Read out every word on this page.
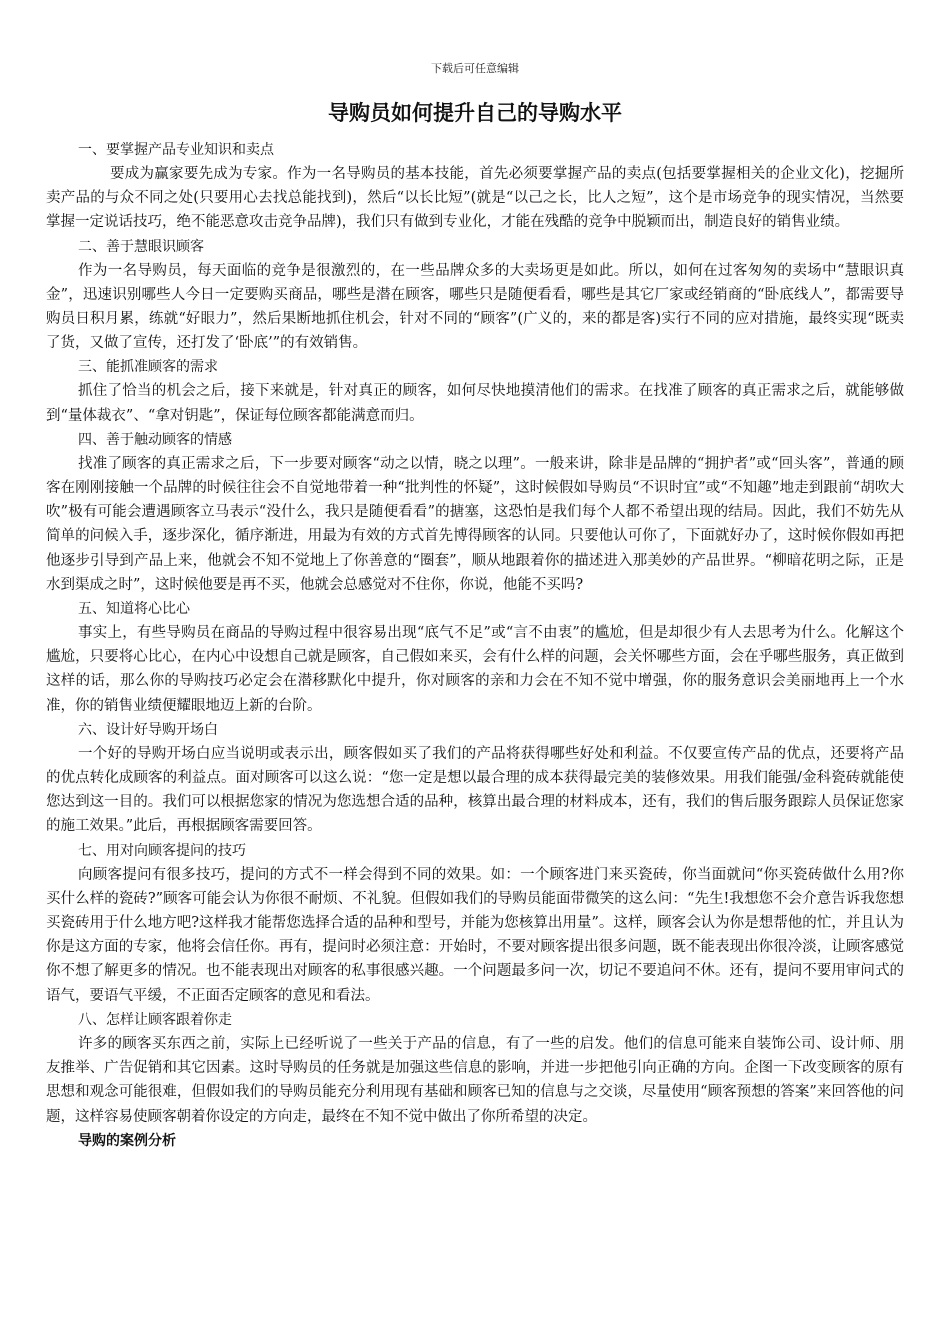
下载后可任意编辑
导购员如何提升自己的导购水平
一、要掌握产品专业知识和卖点
要成为赢家要先成为专家。作为一名导购员的基本技能，首先必须要掌握产品的卖点(包括要掌握相关的企业文化)，挖掘所卖产品的与众不同之处(只要用心去找总能找到)，然后“以长比短”(就是“以己之长，比人之短”，这个是市场竞争的现实情况，当然要掌握一定说话技巧，绝不能恶意攻击竞争品牌)，我们只有做到专业化，才能在残酷的竞争中脱颖而出，制造良好的销售业绩。
二、善于慧眼识顾客
作为一名导购员，每天面临的竞争是很激烈的，在一些品牌众多的大卖场更是如此。所以，如何在过客匆匆的卖场中“慧眼识真金”，迅速识别哪些人今日一定要购买商品，哪些是潜在顾客，哪些只是随便看看，哪些是其它厂家或经销商的“卧底线人”，都需要导购员日积月累，练就“好眼力”，然后果断地抓住机会，针对不同的“顾客”(广义的，来的都是客)实行不同的应对措施，最终实现“既卖了货，又做了宣传，还打发了‘卧底’”的有效销售。
三、能抓准顾客的需求
抓住了恰当的机会之后，接下来就是，针对真正的顾客，如何尽快地摸清他们的需求。在找准了顾客的真正需求之后，就能够做到“量体裁衣”、“拿对钥匙”，保证每位顾客都能满意而归。
四、善于触动顾客的情感
找准了顾客的真正需求之后，下一步要对顾客“动之以情，晓之以理”。一般来讲，除非是品牌的“拥护者”或“回头客”，普通的顾客在刚刚接触一个品牌的时候往往会不自觉地带着一种“批判性的怀疑”，这时候假如导购员“不识时宜”或“不知趣”地走到跟前“胡吹大吹”极有可能会遭遇顾客立马表示“没什么，我只是随便看看”的搪塞，这恐怕是我们每个人都不希望出现的结局。因此，我们不妨先从简单的问候入手，逐步深化，循序渐进，用最为有效的方式首先博得顾客的认同。只要他认可你了，下面就好办了，这时候你假如再把他逐步引导到产品上来，他就会不知不觉地上了你善意的“圈套”，顺从地跟着你的描述进入那美妙的产品世界。“柳暗花明之际，正是水到渠成之时”，这时候他要是再不买，他就会总感觉对不住你，你说，他能不买吗?
五、知道将心比心
事实上，有些导购员在商品的导购过程中很容易出现“底气不足”或“言不由衷”的尴尬，但是却很少有人去思考为什么。化解这个尴尬，只要将心比心，在内心中设想自己就是顾客，自己假如来买，会有什么样的问题，会关怀哪些方面，会在乎哪些服务，真正做到这样的话，那么你的导购技巧必定会在潜移默化中提升，你对顾客的亲和力会在不知不觉中增强，你的服务意识会美丽地再上一个水准，你的销售业绩便耀眼地迈上新的台阶。
六、设计好导购开场白
一个好的导购开场白应当说明或表示出，顾客假如买了我们的产品将获得哪些好处和利益。不仅要宣传产品的优点，还要将产品的优点转化成顾客的利益点。面对顾客可以这么说：“您一定是想以最合理的成本获得最完美的装修效果。用我们能强/金科瓷砖就能使您达到这一目的。我们可以根据您家的情况为您选想合适的品种，核算出最合理的材料成本，还有，我们的售后服务跟踪人员保证您家的施工效果。”此后，再根据顾客需要回答。
七、用对向顾客提问的技巧
向顾客提问有很多技巧，提问的方式不一样会得到不同的效果。如：一个顾客进门来买瓷砖，你当面就问“你买瓷砖做什么用?你买什么样的瓷砖?”顾客可能会认为你很不耐烦、不礼貌。但假如我们的导购员能面带微笑的这么问：“先生!我想您不会介意告诉我您想买瓷砖用于什么地方吧?这样我才能帮您选择合适的品种和型号，并能为您核算出用量”。这样，顾客会认为你是想帮他的忙，并且认为你是这方面的专家，他将会信任你。再有，提问时必须注意：开始时，不要对顾客提出很多问题，既不能表现出你很冷淡，让顾客感觉你不想了解更多的情况。也不能表现出对顾客的私事很感兴趣。一个问题最多问一次，切记不要追问不休。还有，提问不要用审问式的语气，要语气平缓，不正面否定顾客的意见和看法。
八、怎样让顾客跟着你走
许多的顾客买东西之前，实际上已经听说了一些关于产品的信息，有了一些的启发。他们的信息可能来自装饰公司、设计师、朋友推举、广告促销和其它因素。这时导购员的任务就是加强这些信息的影响，并进一步把他引向正确的方向。企图一下改变顾客的原有思想和观念可能很难，但假如我们的导购员能充分利用现有基础和顾客已知的信息与之交谈，尽量使用“顾客预想的答案”来回答他的问题，这样容易使顾客朝着你设定的方向走，最终在不知不觉中做出了你所希望的决定。
导购的案例分析
